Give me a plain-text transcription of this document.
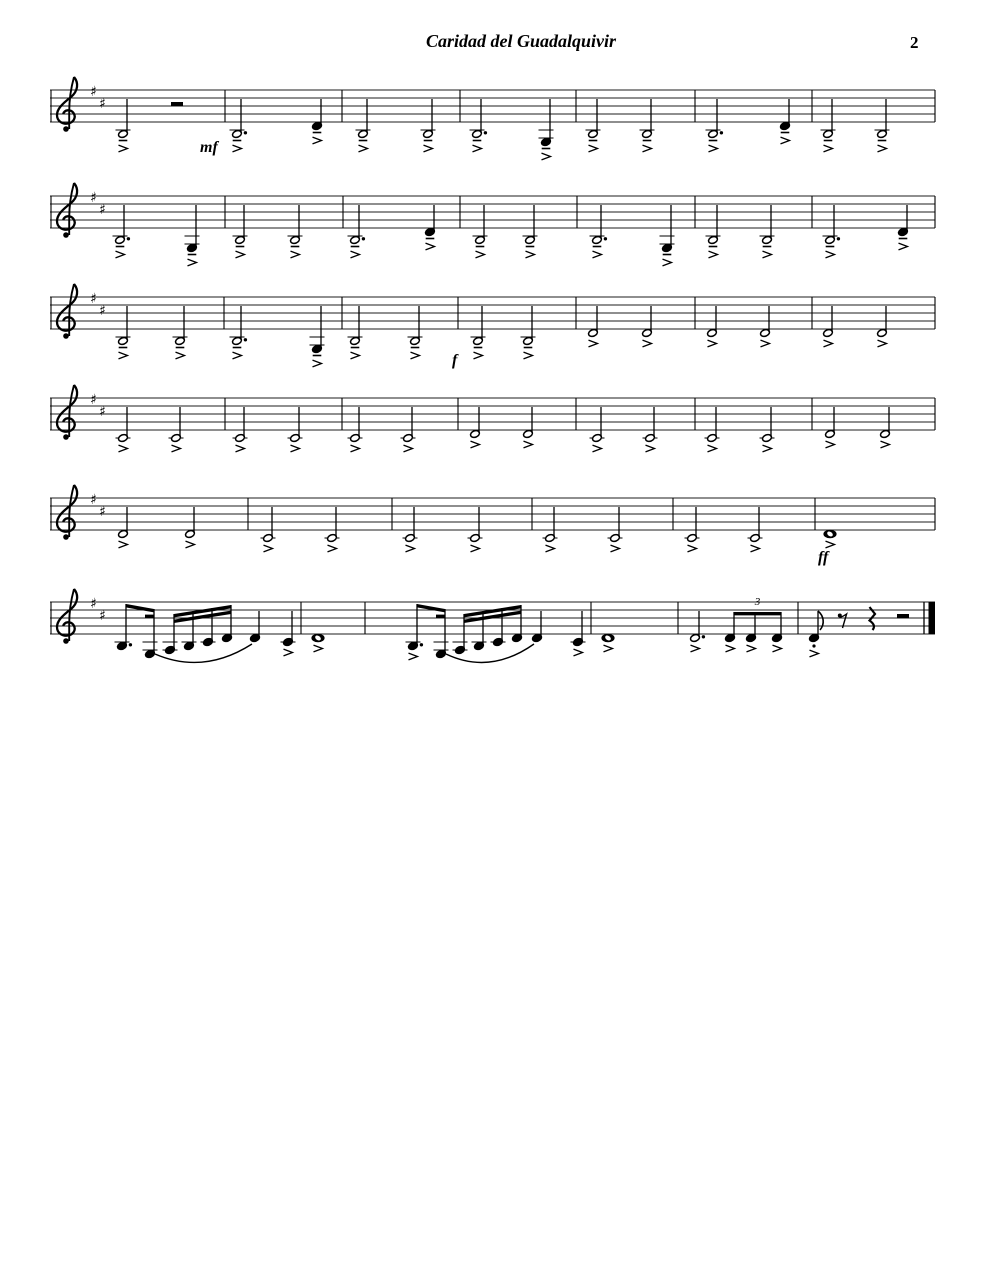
Caridad del Guadalquivir	2
♯
♯
mf
♯
♯
♯
♯
f
♯
♯
♯
♯
ff
♯
♯
3
